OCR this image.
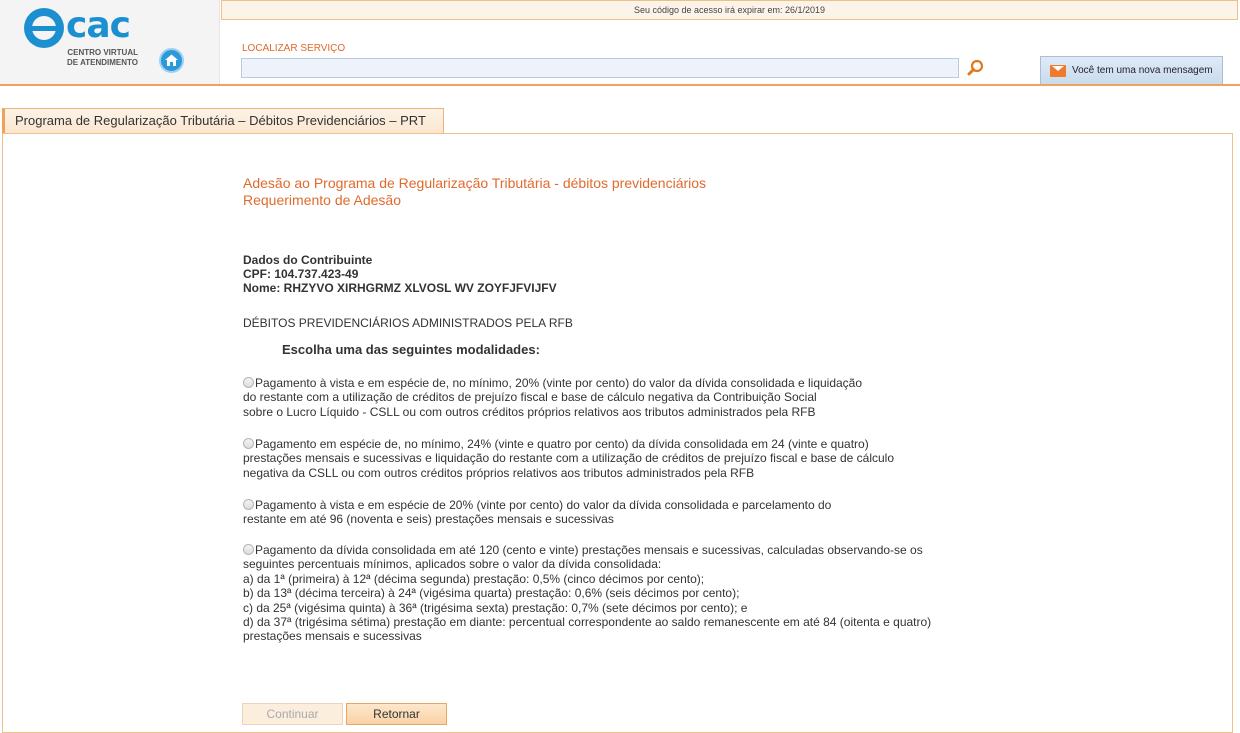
cac
CENTRO VIRTUAL
DE ATENDIMENTO
Seu código de acesso irá expirar em: 26/1/2019
LOCALIZAR SERVIÇO
Você tem uma nova mensagem
Programa de Regularização Tributária – Débitos Previdenciários – PRT
Adesão ao Programa de Regularização Tributária - débitos previdenciários
Requerimento de Adesão
Dados do Contribuinte
CPF: 104.737.423-49
Nome: RHZYVO XIRHGRMZ XLVOSL WV ZOYFJFVIJFV
DÉBITOS PREVIDENCIÁRIOS ADMINISTRADOS PELA RFB
Escolha uma das seguintes modalidades:
Pagamento à vista e em espécie de, no mínimo, 20% (vinte por cento) do valor da dívida consolidada e liquidação
do restante com a utilização de créditos de prejuízo fiscal e base de cálculo negativa da Contribuição Social
sobre o Lucro Líquido - CSLL ou com outros créditos próprios relativos aos tributos administrados pela RFB
Pagamento em espécie de, no mínimo, 24% (vinte e quatro por cento) da dívida consolidada em 24 (vinte e quatro)
prestações mensais e sucessivas e liquidação do restante com a utilização de créditos de prejuízo fiscal e base de cálculo
negativa da CSLL ou com outros créditos próprios relativos aos tributos administrados pela RFB
Pagamento à vista e em espécie de 20% (vinte por cento) do valor da dívida consolidada e parcelamento do
restante em até 96 (noventa e seis) prestações mensais e sucessivas
Pagamento da dívida consolidada em até 120 (cento e vinte) prestações mensais e sucessivas, calculadas observando-se os
seguintes percentuais mínimos, aplicados sobre o valor da dívida consolidada:
a) da 1ª (primeira) à 12ª (décima segunda) prestação: 0,5% (cinco décimos por cento);
b) da 13ª (décima terceira) à 24ª (vigésima quarta) prestação: 0,6% (seis décimos por cento);
c) da 25ª (vigésima quinta) à 36ª (trigésima sexta) prestação: 0,7% (sete décimos por cento); e
d) da 37ª (trigésima sétima) prestação em diante: percentual correspondente ao saldo remanescente em até 84 (oitenta e quatro)
prestações mensais e sucessivas
Continuar	Retornar
